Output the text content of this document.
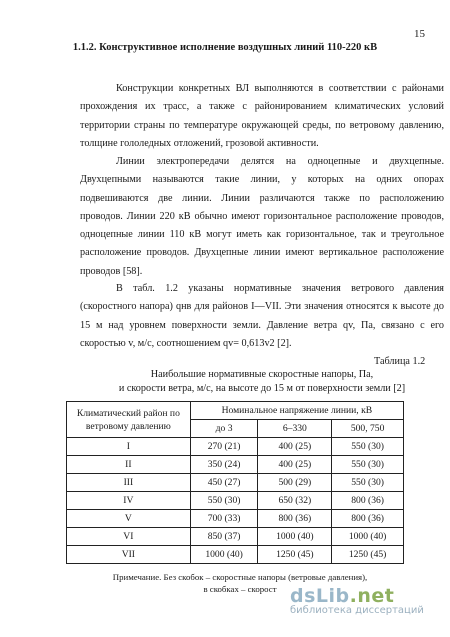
15
1.1.2. Конструктивное исполнение воздушных линий 110-220 кВ
Конструкции конкретных ВЛ выполняются в соответствии с районами
прохождения их трасс, а также с районированием климатических условий
территории страны по температуре окружающей среды, по ветровому давлению,
толщине гололедных отложений, грозовой активности.
Линии электропередачи делятся на одноцепные и двухцепные.
Двухцепными называются такие линии, у которых на одних опорах
подвешиваются две линии. Линии различаются также по расположению
проводов. Линии 220 кВ обычно имеют горизонтальное расположение проводов,
одноцепные линии 110 кВ могут иметь как горизонтальное, так и треугольное
расположение проводов. Двухцепные линии имеют вертикальное расположение
проводов [58].
В табл. 1.2 указаны нормативные значения ветрового давления
(скоростного напора) qнв для районов I—VII. Эти значения относятся к высоте до
15 м над уровнем поверхности земли. Давление ветра qv, Па, связано с его
скоростью v, м/с, соотношением qv= 0,613v2 [2].
Таблица 1.2
Наибольшие нормативные скоростные напоры, Па,
и скорости ветра, м/с, на высоте до 15 м от поверхности земли [2]
Климатический район по ветровому давлению	Номинальное напряжение линии, кВ		
	до 3	6–330	500, 750
I	270 (21)	400 (25)	550 (30)
II	350 (24)	400 (25)	550 (30)
III	450 (27)	500 (29)	550 (30)
IV	550 (30)	650 (32)	800 (36)
V	700 (33)	800 (36)	800 (36)
VI	850 (37)	1000 (40)	1000 (40)
VII	1000 (40)	1250 (45)	1250 (45)
Примечание. Без скобок – скоростные напоры (ветровые давления),
в скобках – скорост dsLib.net
библиотека диссертаций
